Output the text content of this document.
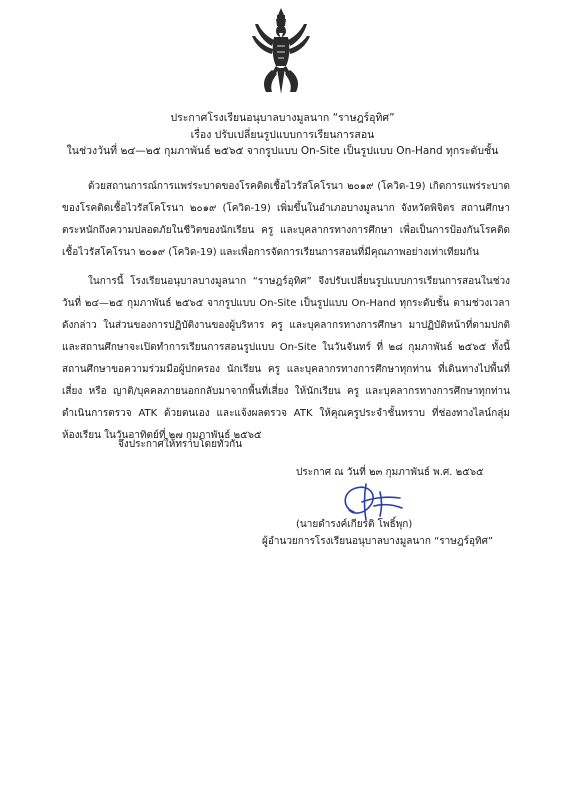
ประกาศโรงเรียนอนุบาลบางมูลนาก “ราษฎร์อุทิศ”
เรื่อง ปรับเปลี่ยนรูปแบบการเรียนการสอน
ในช่วงวันที่ ๒๔—๒๕ กุมภาพันธ์ ๒๕๖๕ จากรูปแบบ On-Site เป็นรูปแบบ On-Hand ทุกระดับชั้น
ด้วยสถานการณ์การแพร่ระบาดของโรคติดเชื้อไวรัสโคโรนา ๒๐๑๙ (โควิด-19) เกิดการแพร่ระบาดของโรคติดเชื้อไวรัสโคโรนา ๒๐๑๙ (โควิด-19) เพิ่มขึ้นในอำเภอบางมูลนาก จังหวัดพิจิตร สถานศึกษาตระหนักถึงความปลอดภัยในชีวิตของนักเรียน ครู และบุคลากรทางการศึกษา เพื่อเป็นการป้องกันโรคติดเชื้อไวรัสโคโรนา ๒๐๑๙ (โควิด-19) และเพื่อการจัดการเรียนการสอนที่มีคุณภาพอย่างเท่าเทียมกัน
ในการนี้ โรงเรียนอนุบาลบางมูลนาก “ราษฎร์อุทิศ” จึงปรับเปลี่ยนรูปแบบการเรียนการสอนในช่วงวันที่ ๒๔—๒๕ กุมภาพันธ์ ๒๕๖๕ จากรูปแบบ On-Site เป็นรูปแบบ On-Hand ทุกระดับชั้น ตามช่วงเวลาดังกล่าว ในส่วนของการปฏิบัติงานของผู้บริหาร ครู และบุคลากรทางการศึกษา มาปฏิบัติหน้าที่ตามปกติ และสถานศึกษาจะเปิดทำการเรียนการสอนรูปแบบ On-Site ในวันจันทร์ ที่ ๒๘ กุมภาพันธ์ ๒๕๖๕ ทั้งนี้สถานศึกษาขอความร่วมมือผู้ปกครอง นักเรียน ครู และบุคลากรทางการศึกษาทุกท่าน ที่เดินทางไปพื้นที่เสี่ยง หรือ ญาติ/บุคคลภายนอกกลับมาจากพื้นที่เสี่ยง ให้นักเรียน ครู และบุคลากรทางการศึกษาทุกท่าน ดำเนินการตรวจ ATK ด้วยตนเอง และแจ้งผลตรวจ ATK ให้คุณครูประจำชั้นทราบ ที่ช่องทางไลน์กลุ่มห้องเรียน ในวันอาทิตย์ที่ ๒๗ กุมภาพันธ์ ๒๕๖๕
จึงประกาศให้ทราบโดยทั่วกัน
ประกาศ ณ วันที่ ๒๓ กุมภาพันธ์ พ.ศ. ๒๕๖๕
(นายดำรงค์เกียรติ โพธิ์พุก)
ผู้อำนวยการโรงเรียนอนุบาลบางมูลนาก “ราษฎร์อุทิศ”
